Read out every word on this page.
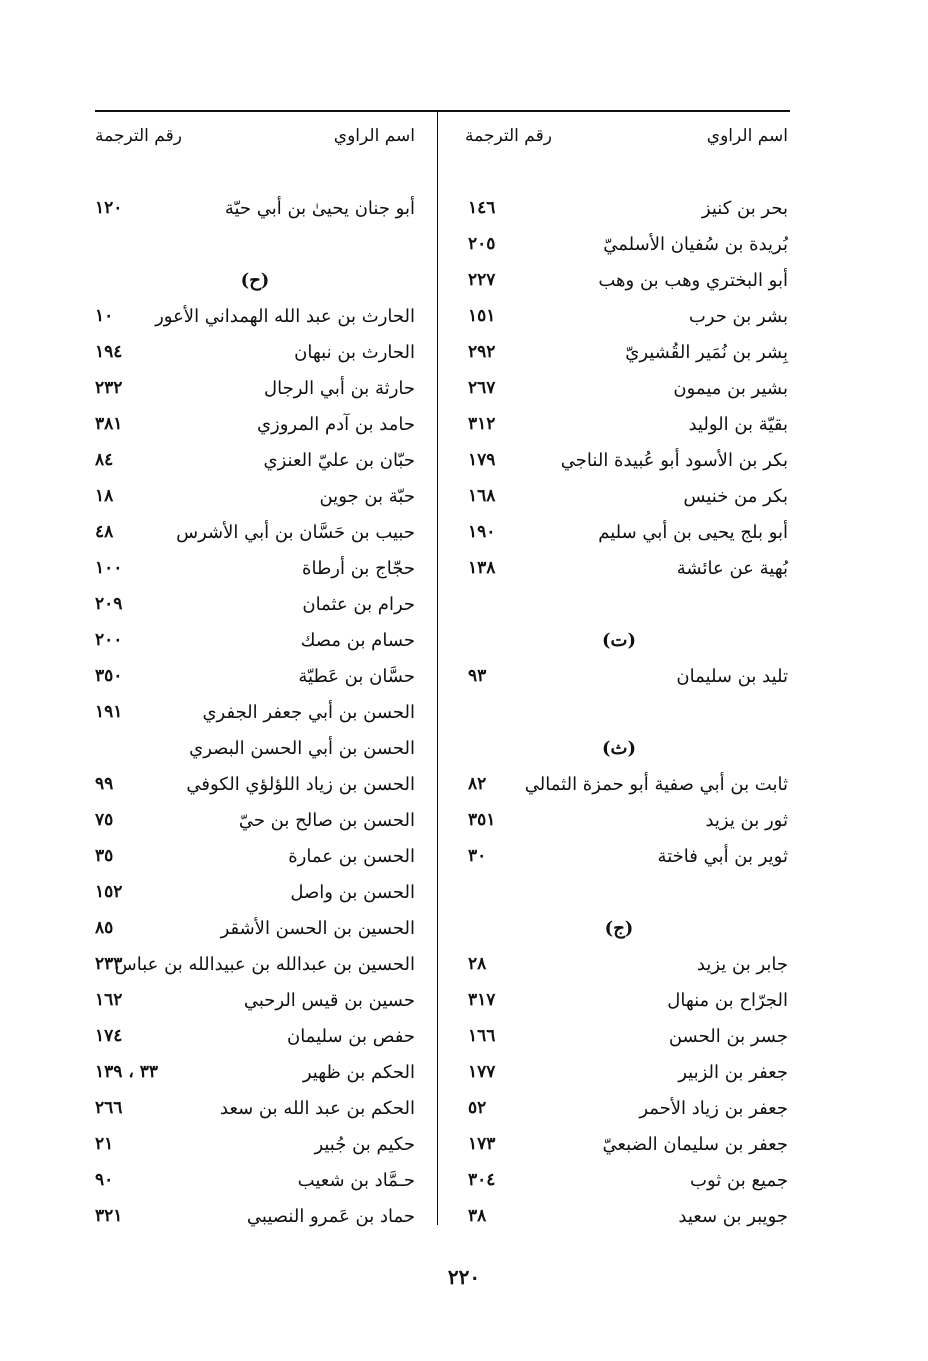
اسم الراوي
رقم الترجمة
اسم الراوي
رقم الترجمة
بحر بن كنيز
١٤٦
بُريدة بن سُفيان الأسلميّ
٢٠٥
أبو البختري وهب بن وهب
٢٢٧
بشر بن حرب
١٥١
بِشر بن نُمَير القُشيريّ
٢٩٢
بشير بن ميمون
٢٦٧
بقيّة بن الوليد
٣١٢
بكر بن الأسود أبو عُبيدة الناجي
١٧٩
بكر من خنيس
١٦٨
أبو بلج يحيى بن أبي سليم
١٩٠
بُهية عن عائشة
١٣٨
(ت)
تليد بن سليمان
٩٣
(ث)
ثابت بن أبي صفية أبو حمزة الثمالي
٨٢
ثور بن يزيد
٣٥١
ثوير بن أبي فاختة
٣٠
(ج)
جابر بن يزيد
٢٨
الجرّاح بن منهال
٣١٧
جسر بن الحسن
١٦٦
جعفر بن الزبير
١٧٧
جعفر بن زياد الأحمر
٥٢
جعفر بن سليمان الضبعيّ
١٧٣
جميع بن ثوب
٣٠٤
جويبر بن سعيد
٣٨
أبو جنان يحيىٰ بن أبي حيّة
١٢٠
(ح)
الحارث بن عبد الله الهمداني الأعور
١٠
الحارث بن نبهان
١٩٤
حارثة بن أبي الرجال
٢٣٢
حامد بن آدم المروزي
٣٨١
حبّان بن عليّ العنزي
٨٤
حبّة بن جوين
١٨
حبيب بن حَسَّان بن أبي الأشرس
٤٨
حجّاج بن أرطاة
١٠٠
حرام بن عثمان
٢٠٩
حسام بن مصك
٢٠٠
حسَّان بن عَطيّة
٣٥٠
الحسن بن أبي جعفر الجفري
١٩١
الحسن بن أبي الحسن البصري
الحسن بن زياد اللؤلؤي الكوفي
٩٩
الحسن بن صالح بن حيّ
٧٥
الحسن بن عمارة
٣٥
الحسن بن واصل
١٥٢
الحسين بن الحسن الأشقر
٨٥
الحسين بن عبدالله بن عبيدالله بن عباس
٢٣٣
حسين بن قيس الرحبي
١٦٢
حفص بن سليمان
١٧٤
الحكم بن ظهير
٣٣ ، ١٣٩
الحكم بن عبد الله بن سعد
٢٦٦
حكيم بن جُبير
٢١
حـمَّاد بن شعيب
٩٠
حماد بن عَمرو النصيبي
٣٢١
٢٢٠
